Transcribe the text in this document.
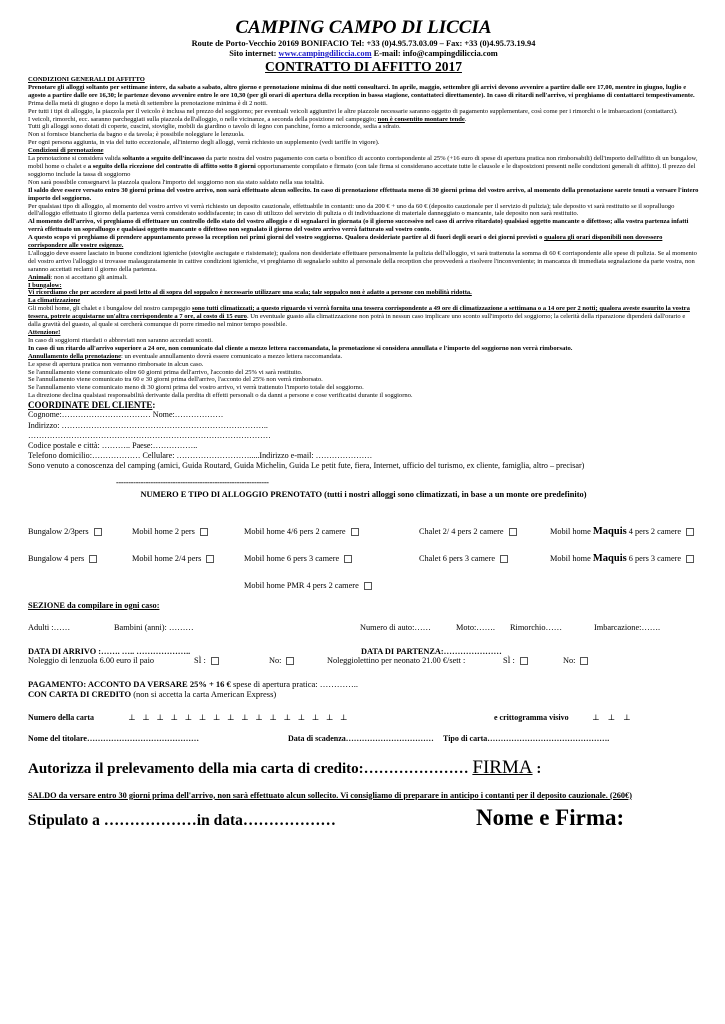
CAMPING CAMPO DI LICCIA
Route de Porto-Vecchio 20169 BONIFACIO Tel: +33 (0)4.95.73.03.09 – Fax: +33 (0)4.95.73.19.94
Sito internet: www.campingdiliccia.com E-mail: info@campingdiliccia.com
CONTRATTO DI AFFITTO 2017

CONDIZIONI GENERALI DI AFFITTO

Prenotare gli alloggi soltanto per settimane intere, da sabato a sabato, altro giorno e prenotazione minima di due notti consultarci. In aprile, maggio, settembre gli arrivi devono avvenire a partire dalle ore 17,00, mentre in giugno, luglio e agosto a partire dalle ore 16,30; le partenze devono avvenire entro le ore 10,30 (per gli orari di apertura della reception in bassa stagione, contattateci direttamente). In caso di ritardi nell'arrivo, vi preghiamo di contattarci tempestivamente.

Prima della metà di giugno e dopo la metà di settembre la prenotazione minima è di 2 notti.

Per tutti i tipi di alloggio, la piazzola per il veicolo è inclusa nel prezzo del soggiorno; per eventuali veicoli aggiuntivi le altre piazzole necessarie saranno oggetto di pagamento supplementare, così come per i rimorchi o le imbarcazioni (contattarci).

I veicoli, rimorchi, ecc. saranno parcheggiati sulla piazzola dell'alloggio, o nelle vicinanze, a seconda della posizione nel campeggio; non è consentito montare tende.

Tutti gli alloggi sono dotati di coperte, cuscini, stoviglie, mobili da giardino o tavolo di legno con panchine, forno a microonde, sedia a sdraio.

Non si fornisce biancheria da bagno e da tavola; è possibile noleggiare le lenzuola.

Per ogni persona aggiunta, in via del tutto eccezionale, all'interno degli alloggi, verrà richiesto un supplemento (vedi tariffe in vigore).

Condizioni di prenotazione

La prenotazione si considera valida soltanto a seguito dell'incasso da parte nostra del vostro pagamento con carta o bonifico di acconto corrispondente al 25% (+16 euro di spese di apertura pratica non rimborsabili) dell'importo dell'affitto di un bungalow, mobil home o chalet e a seguito della ricezione del contratto di affitto sotto 8 giorni opportunamente compilato e firmato (con tale firma si considerano accettate tutte le clausole e le disposizioni presenti nelle condizioni generali di affitto). Il prezzo del soggiorno include la tassa di soggiorno

Non sarà possibile consegnarvi la piazzola qualora l'importo del soggiorno non sia stato saldato nella sua totalità.

Il saldo deve essere versato entro 30 giorni prima del vostro arrivo, non sarà effettuato alcun sollecito. In caso di prenotazione effettuata meno di 30 giorni prima del vostro arrivo, al momento della prenotazione sarete tenuti a versare l'intero importo del soggiorno.

Per qualsiasi tipo di alloggio, al momento del vostro arrivo vi verrà richiesto un deposito cauzionale, effettuabile in contanti: uno da 200 € + uno da 60 € (deposito cauzionale per il servizio di pulizia); tale deposito vi sarà restituito se il sopralluogo dell'alloggio effettuato il giorno della partenza verrà considerato soddisfacente; in caso di utilizzo del servizio di pulizia o di individuazione di materiale danneggiato o mancante, tale deposito non sarà restituito.

Al momento dell'arrivo, vi preghiamo di effettuare un controllo dello stato del vostro alloggio e di segnalarci in giornata (o il giorno successivo nel caso di arrivo ritardato) qualsiasi oggetto mancante o difettoso; alla vostra partenza infatti verrà effettuato un sopralluogo e qualsiasi oggetto mancante o difettoso non segnalato il giorno del vostro arrivo verrà fatturato sul vostro conto.

A questo scopo vi preghiamo di prendere appuntamento presso la reception nei primi giorni del vostro soggiorno. Qualora desideriate partire al di fuori degli orari o dei giorni previsti o qualora gli orari disponibili non dovessero corrispondere alle vostre esigenze.

L'alloggio deve essere lasciato in buone condizioni igieniche (stoviglie asciugate e risistemate); qualora non desideriate effettuare personalmente la pulizia dell'alloggio, vi sarà trattenuta la somma di 60 € corrispondente alle spese di pulizia. Se al momento del vostro arrivo l'alloggio si trovasse malauguratamente in cattive condizioni igieniche, vi preghiamo di segnalarlo subito al personale della reception che provvederà a risolvere l'inconveniente; in mancanza di immediata segnalazione da parte vostra, non saranno accettati reclami il giorno della partenza.

Animali: non si accettano gli animali.

I bungalow:

Vi ricordiamo che per accedere ai posti letto al di sopra del soppalco è necessario utilizzare una scala; tale soppalco non è adatto a persone con mobilità ridotta.

La climatizzazione

Gli mobil home, gli chalet e i bungalow del nostro campeggio sono tutti climatizzati; a questo riguardo vi verrà fornita una tessera corrispondente a 49 ore di climatizzazione a settimana o a 14 ore per 2 notti; qualora aveste esaurito la vostra tessera, potrete acquistarne un'altra corrispondente a 7 ore, al costo di 15 euro. Un eventuale guasto alla climatizzazione non potrà in nessun caso implicare uno sconto sull'importo del soggiorno; la celerità della riparazione dipenderà dall'orario e dalla gravità del guasto, al quale si cercherà comunque di porre rimedio nel minor tempo possibile.

Attenzione!

In caso di soggiorni ritardati o abbreviati non saranno accordati sconti.

In caso di un ritardo all'arrivo superiore a 24 ore, non comunicato dal cliente a mezzo lettera raccomandata, la prenotazione si considera annullata e l'importo del soggiorno non verrà rimborsato.

Annullamento della prenotazione: un eventuale annullamento dovrà essere comunicato a mezzo lettera raccomandata.

Le spese di apertura pratica non verranno rimborsate in alcun caso.

Se l'annullamento viene comunicato oltre 60 giorni prima dell'arrivo, l'acconto del 25% vi sarà restituito.

Se l'annullamento viene comunicato tra 60 e 30 giorni prima dell'arrivo, l'acconto del 25% non verrà rimborsato.

Se l'annullamento viene comunicato meno di 30 giorni prima del vostro arrivo, vi verrà trattenuto l'importo totale del soggiorno.

La direzione declina qualsiasi responsabilità derivante dalla perdita di effetti personali o da danni a persone e cose verificatisi durante il soggiorno.

COORDINATE DEL CLIENTE:

Cognome:…………………………… Nome:………………

Indirizzo: …………………………………………………………………..

………………………………………………………………………………

Codice postale e città: ……….. Paese:……………..

Telefono domicilio:……………… Cellulare: ……………………….....Indirizzo e-mail: …………………

Sono venuto a conoscenza del camping (amici, Guida Routard, Guida Michelin, Guida Le petit fute, fiera, Internet, ufficio del turismo, ex cliente, famiglia, altro – precisar)

--------------------------------------------------------------
NUMERO E TIPO DI ALLOGGIO PRENOTATO (tutti i nostri alloggi sono climatizzati, in base a un monte ore predefinito)
Bungalow 2/3pers	Mobil home 2 pers	Mobil home 4/6 pers 2 camere	Chalet 2/ 4 pers 2 camere	Mobil home Maquis 4 pers 2 camere
Bungalow 4 pers	Mobil home 2/4 pers	Mobil home 6 pers 3 camere	Chalet 6 pers 3 camere	Mobil home Maquis 6 pers 3 camere
Mobil home PMR 4 pers 2 camere
SEZIONE da compilare in ogni caso:
Adulti :……	Bambini (anni): ………	Numero di auto:……	Moto:…….	Rimorchio……	Imbarcazione:…….
DATA DI ARRIVO :……. ….. ………………..	DATA DI PARTENZA:…………………
Noleggio di lenzuola 6.00 euro il paio	SÌ :	No:	Noleggiolettino per neonato 21.00 €/sett :	SÌ :	No:
PAGAMENTO: ACCONTO DA VERSARE 25% + 16 € spese di apertura pratica: …………..
CON CARTA DI CREDITO (non si accetta la carta American Express)
Numero della carta	⊥⊥⊥⊥⊥⊥⊥⊥⊥⊥⊥⊥⊥⊥⊥⊥	e crittogramma visivo	⊥⊥⊥
Nome del titolare……………………………………	Data di scadenza……………………………	Tipo di carta……………………………………….
Autorizza il prelevamento della mia carta di credito:………………… FIRMA :
SALDO da versare entro 30 giorni prima dell'arrivo, non sarà effettuato alcun sollecito. Vi consigliamo di preparare in anticipo i contanti per il deposito cauzionale. (260€)
Stipulato a ………………in data………………	Nome e Firma:
